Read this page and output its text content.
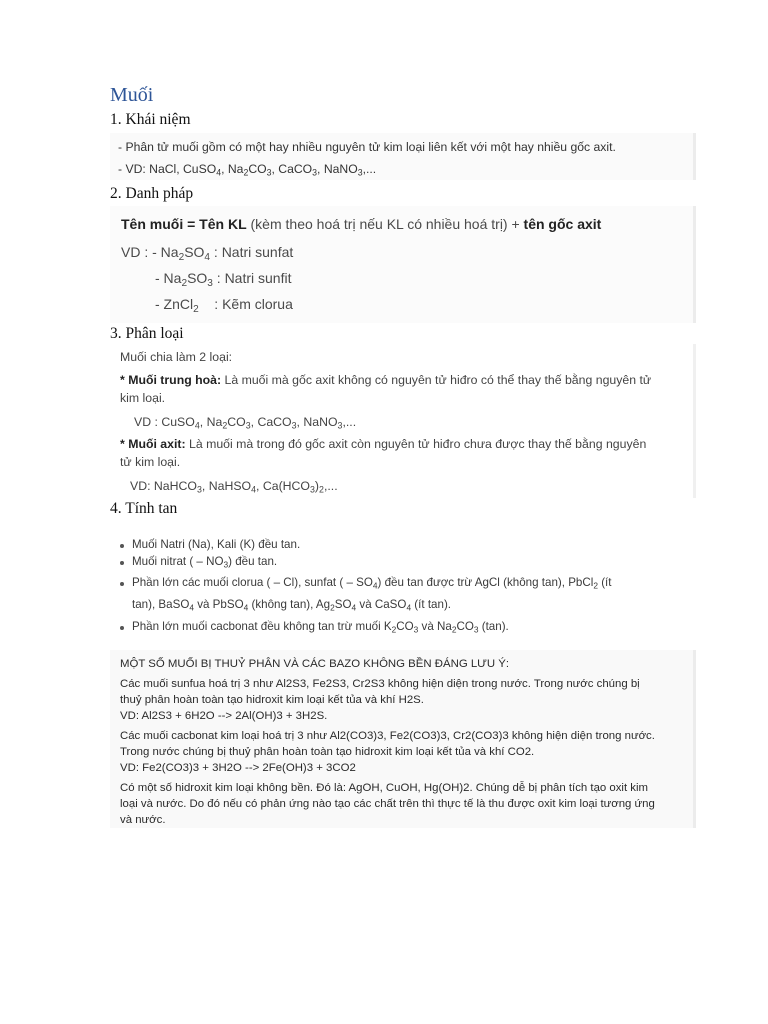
Muối
1. Khái niệm
- Phân tử muối gồm có một hay nhiều nguyên tử kim loại liên kết với một hay nhiều gốc axit.
- VD: NaCl, CuSO$_4$, $Na_2CO_3$, CaCO$_3$, NaNO$_3$,...
2. Danh pháp
Tên muối = Tên KL (kèm theo hoá trị nếu KL có nhiều hoá trị) + tên gốc axit
VD : - $Na_2SO_4$ : Natri sunfat
- $Na_2SO_3$ : Natri sunfit
- ZnCl$_2$    : Kẽm clorua
3. Phân loại
Muối chia làm 2 loại:
* Muối trung hoà: Là muối mà gốc axit không có nguyên tử hiđro có thể thay thế bằng nguyên tử
kim loại.
VD : CuSO$_4$, $Na_2CO_3$, CaCO$_3$, NaNO$_3$,...
* Muối axit: Là muối mà trong đó gốc axit còn nguyên tử hiđro chưa được thay thế bằng nguyên
tử kim loại.
VD: NaHCO$_3$, NaHSO$_4$, $Ca(HCO_3)_2$,...
4. Tính tan
Muối Natri (Na), Kali (K) đều tan.
Muối nitrat ( – $NO_3$) đều tan.
Phần lớn các muối clorua ( – Cl), sunfat ( – $SO_4$) đều tan được trừ AgCl (không tan), PbCl$_2$ (ít
tan), BaSO$_4$ và PbSO$_4$ (không tan), $Ag_2SO_4$ và CaSO$_4$ (ít tan).
Phần lớn muối cacbonat đều không tan trừ muối $K_2CO_3$ và $Na_2CO_3$ (tan).
MỘT SỐ MUỐI BỊ THUỶ PHÂN VÀ CÁC BAZO KHÔNG BỀN ĐÁNG LƯU Ý:
Các muối sunfua hoá trị 3 như Al2S3, Fe2S3, Cr2S3 không hiện diện trong nước. Trong nước chúng bị
thuỷ phân hoàn toàn tạo hidroxit kim loại kết tủa và khí H2S.
VD: Al2S3 + 6H2O --> 2Al(OH)3 + 3H2S.
Các muối cacbonat kim loại hoá trị 3 như Al2(CO3)3, Fe2(CO3)3, Cr2(CO3)3 không hiện diện trong nước.
Trong nước chúng bị thuỷ phân hoàn toàn tạo hidroxit kim loại kết tủa và khí CO2.
VD: Fe2(CO3)3 + 3H2O --> 2Fe(OH)3 + 3CO2
Có một số hidroxit kim loại không bền. Đó là: AgOH, CuOH, Hg(OH)2. Chúng dễ bị phân tích tạo oxit kim
loại và nước. Do đó nếu có phản ứng nào tạo các chất trên thì thực tế là thu được oxit kim loại tương ứng
và nước.
